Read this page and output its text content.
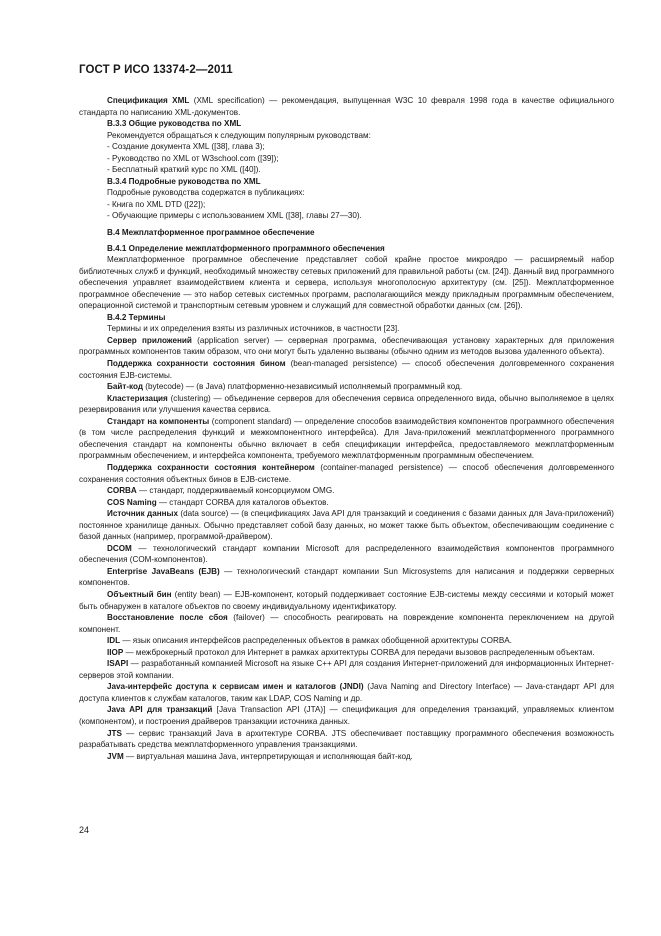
ГОСТ Р ИСО 13374-2—2011

Спецификация XML (XML specification) — рекомендация, выпущенная W3C 10 февраля 1998 года в качестве официального стандарта по написанию XML-документов.

B.3.3 Общие руководства по XML

Рекомендуется обращаться к следующим популярным руководствам:

- Создание документа XML ([38], глава 3);

- Руководство по XML от W3school.com ([39]);

- Бесплатный краткий курс по XML ([40]).

B.3.4 Подробные руководства по XML

Подробные руководства содержатся в публикациях:

- Книга по XML DTD ([22]);

- Обучающие примеры с использованием XML ([38], главы 27—30).

B.4 Межплатформенное программное обеспечение

B.4.1 Определение межплатформенного программного обеспечения

Межплатформенное программное обеспечение представляет собой крайне простое микроядро — расширяемый набор библиотечных служб и функций, необходимый множеству сетевых приложений для правильной работы (см. [24]). Данный вид программного обеспечения управляет взаимодействием клиента и сервера, используя многополосную архитектуру (см. [25]). Межплатформенное программное обеспечение — это набор сетевых системных программ, располагающийся между прикладным программным обеспечением, операционной системой и транспортным сетевым уровнем и служащий для совместной обработки данных (см. [26]).

B.4.2 Термины

Термины и их определения взяты из различных источников, в частности [23].

Сервер приложений (application server) — серверная программа, обеспечивающая установку характерных для приложения программных компонентов таким образом, что они могут быть удаленно вызваны (обычно одним из методов вызова удаленного объекта).

Поддержка сохранности состояния бином (bean-managed persistence) — способ обеспечения долговременного сохранения состояния EJB-системы.

Байт-код (bytecode) — (в Java) платформенно-независимый исполняемый программный код.

Кластеризация (clustering) — объединение серверов для обеспечения сервиса определенного вида, обычно выполняемое в целях резервирования или улучшения качества сервиса.

Стандарт на компоненты (component standard) — определение способов взаимодействия компонентов программного обеспечения (в том числе распределения функций и межкомпонентного интерфейса). Для Java-приложений межплатформенного программного обеспечения стандарт на компоненты обычно включает в себя спецификации интерфейса, предоставляемого межплатформенным программным обеспечением, и интерфейса компонента, требуемого межплатформенным программным обеспечением.

Поддержка сохранности состояния контейнером (container-managed persistence) — способ обеспечения долговременного сохранения состояния объектных бинов в EJB-системе.

CORBA — стандарт, поддерживаемый консорциумом OMG.

COS Naming — стандарт CORBA для каталогов объектов.

Источник данных (data source) — (в спецификациях Java API для транзакций и соединения с базами данных для Java-приложений) постоянное хранилище данных. Обычно представляет собой базу данных, но может также быть объектом, обеспечивающим соединение с базой данных (например, программой-драйвером).

DCOM — технологический стандарт компании Microsoft для распределенного взаимодействия компонентов программного обеспечения (COM-компонентов).

Enterprise JavaBeans (EJB) — технологический стандарт компании Sun Microsystems для написания и поддержки серверных компонентов.

Объектный бин (entity bean) — EJB-компонент, который поддерживает состояние EJB-системы между сессиями и который может быть обнаружен в каталоге объектов по своему индивидуальному идентификатору.

Восстановление после сбоя (failover) — способность реагировать на повреждение компонента переключением на другой компонент.

IDL — язык описания интерфейсов распределенных объектов в рамках обобщенной архитектуры CORBA.

IIOP — межброкерный протокол для Интернет в рамках архитектуры CORBA для передачи вызовов распределенным объектам.

ISAPI — разработанный компанией Microsoft на языке C++ API для создания Интернет-приложений для информационных Интернет-серверов этой компании.

Java-интерфейс доступа к сервисам имен и каталогов (JNDI) (Java Naming and Directory Interface) — Java-стандарт API для доступа клиентов к службам каталогов, таким как LDAP, COS Naming и др.

Java API для транзакций [Java Transaction API (JTA)] — спецификация для определения транзакций, управляемых клиентом (компонентом), и построения драйверов транзакции источника данных.

JTS — сервис транзакций Java в архитектуре CORBA. JTS обеспечивает поставщику программного обеспечения возможность разрабатывать средства межплатформенного управления транзакциями.

JVM — виртуальная машина Java, интерпретирующая и исполняющая байт-код.

24
